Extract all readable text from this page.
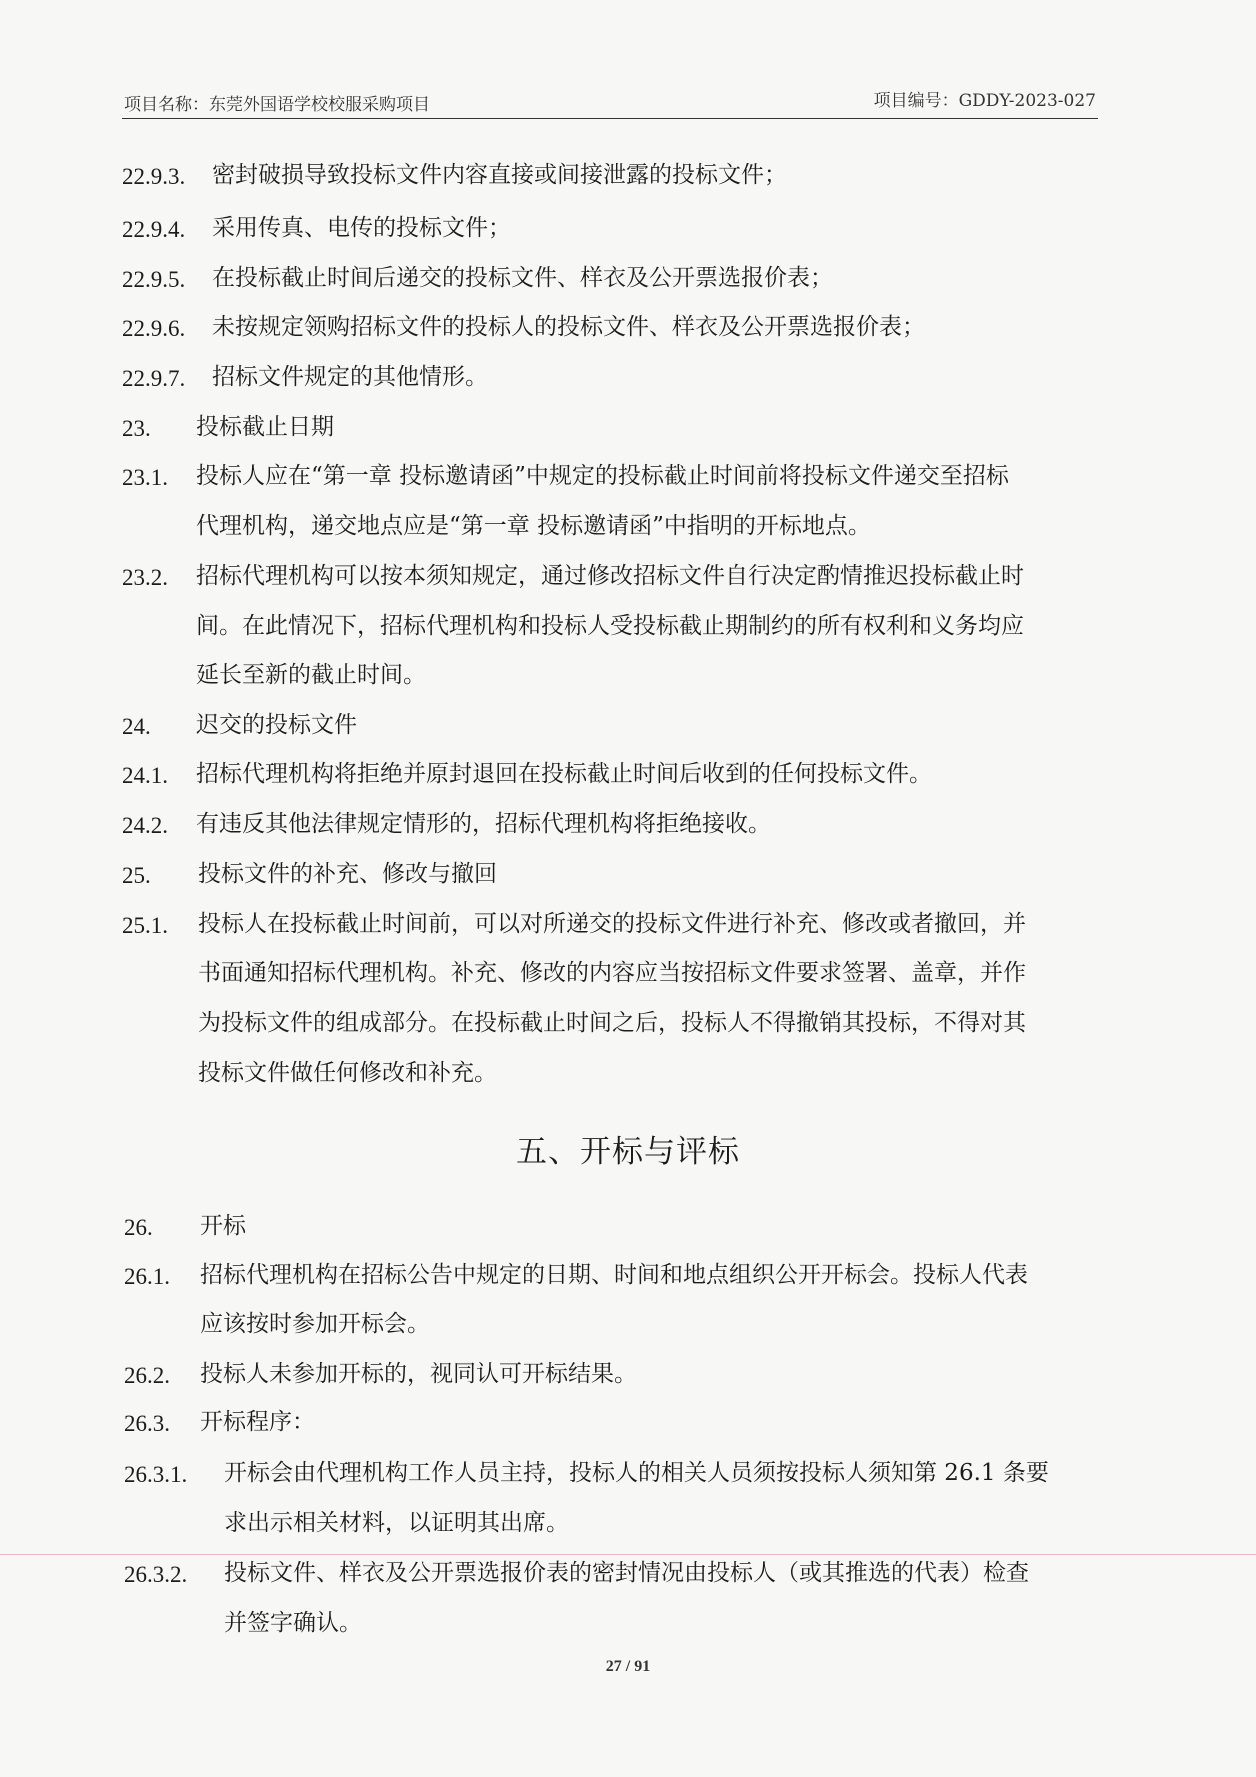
项目名称：东莞外国语学校校服采购项目	项目编号：GDDY-2023-027
22.9.3. 密封破损导致投标文件内容直接或间接泄露的投标文件；
22.9.4. 采用传真、电传的投标文件；
22.9.5. 在投标截止时间后递交的投标文件、样衣及公开票选报价表；
22.9.6. 未按规定领购招标文件的投标人的投标文件、样衣及公开票选报价表；
22.9.7. 招标文件规定的其他情形。
23. 投标截止日期
23.1. 投标人应在“第一章 投标邀请函”中规定的投标截止时间前将投标文件递交至招标
代理机构，递交地点应是“第一章 投标邀请函”中指明的开标地点。
23.2. 招标代理机构可以按本须知规定，通过修改招标文件自行决定酌情推迟投标截止时
间。在此情况下，招标代理机构和投标人受投标截止期制约的所有权利和义务均应
延长至新的截止时间。
24. 迟交的投标文件
24.1. 招标代理机构将拒绝并原封退回在投标截止时间后收到的任何投标文件。
24.2. 有违反其他法律规定情形的，招标代理机构将拒绝接收。
25. 投标文件的补充、修改与撤回
25.1. 投标人在投标截止时间前，可以对所递交的投标文件进行补充、修改或者撤回，并
书面通知招标代理机构。补充、修改的内容应当按招标文件要求签署、盖章，并作
为投标文件的组成部分。在投标截止时间之后，投标人不得撤销其投标，不得对其
投标文件做任何修改和补充。
五、开标与评标
26. 开标
26.1. 招标代理机构在招标公告中规定的日期、时间和地点组织公开开标会。投标人代表
应该按时参加开标会。
26.2. 投标人未参加开标的，视同认可开标结果。
26.3. 开标程序：
26.3.1. 开标会由代理机构工作人员主持，投标人的相关人员须按投标人须知第 26.1 条要
求出示相关材料，以证明其出席。
26.3.2. 投标文件、样衣及公开票选报价表的密封情况由投标人（或其推选的代表）检查
并签字确认。
27 / 91
